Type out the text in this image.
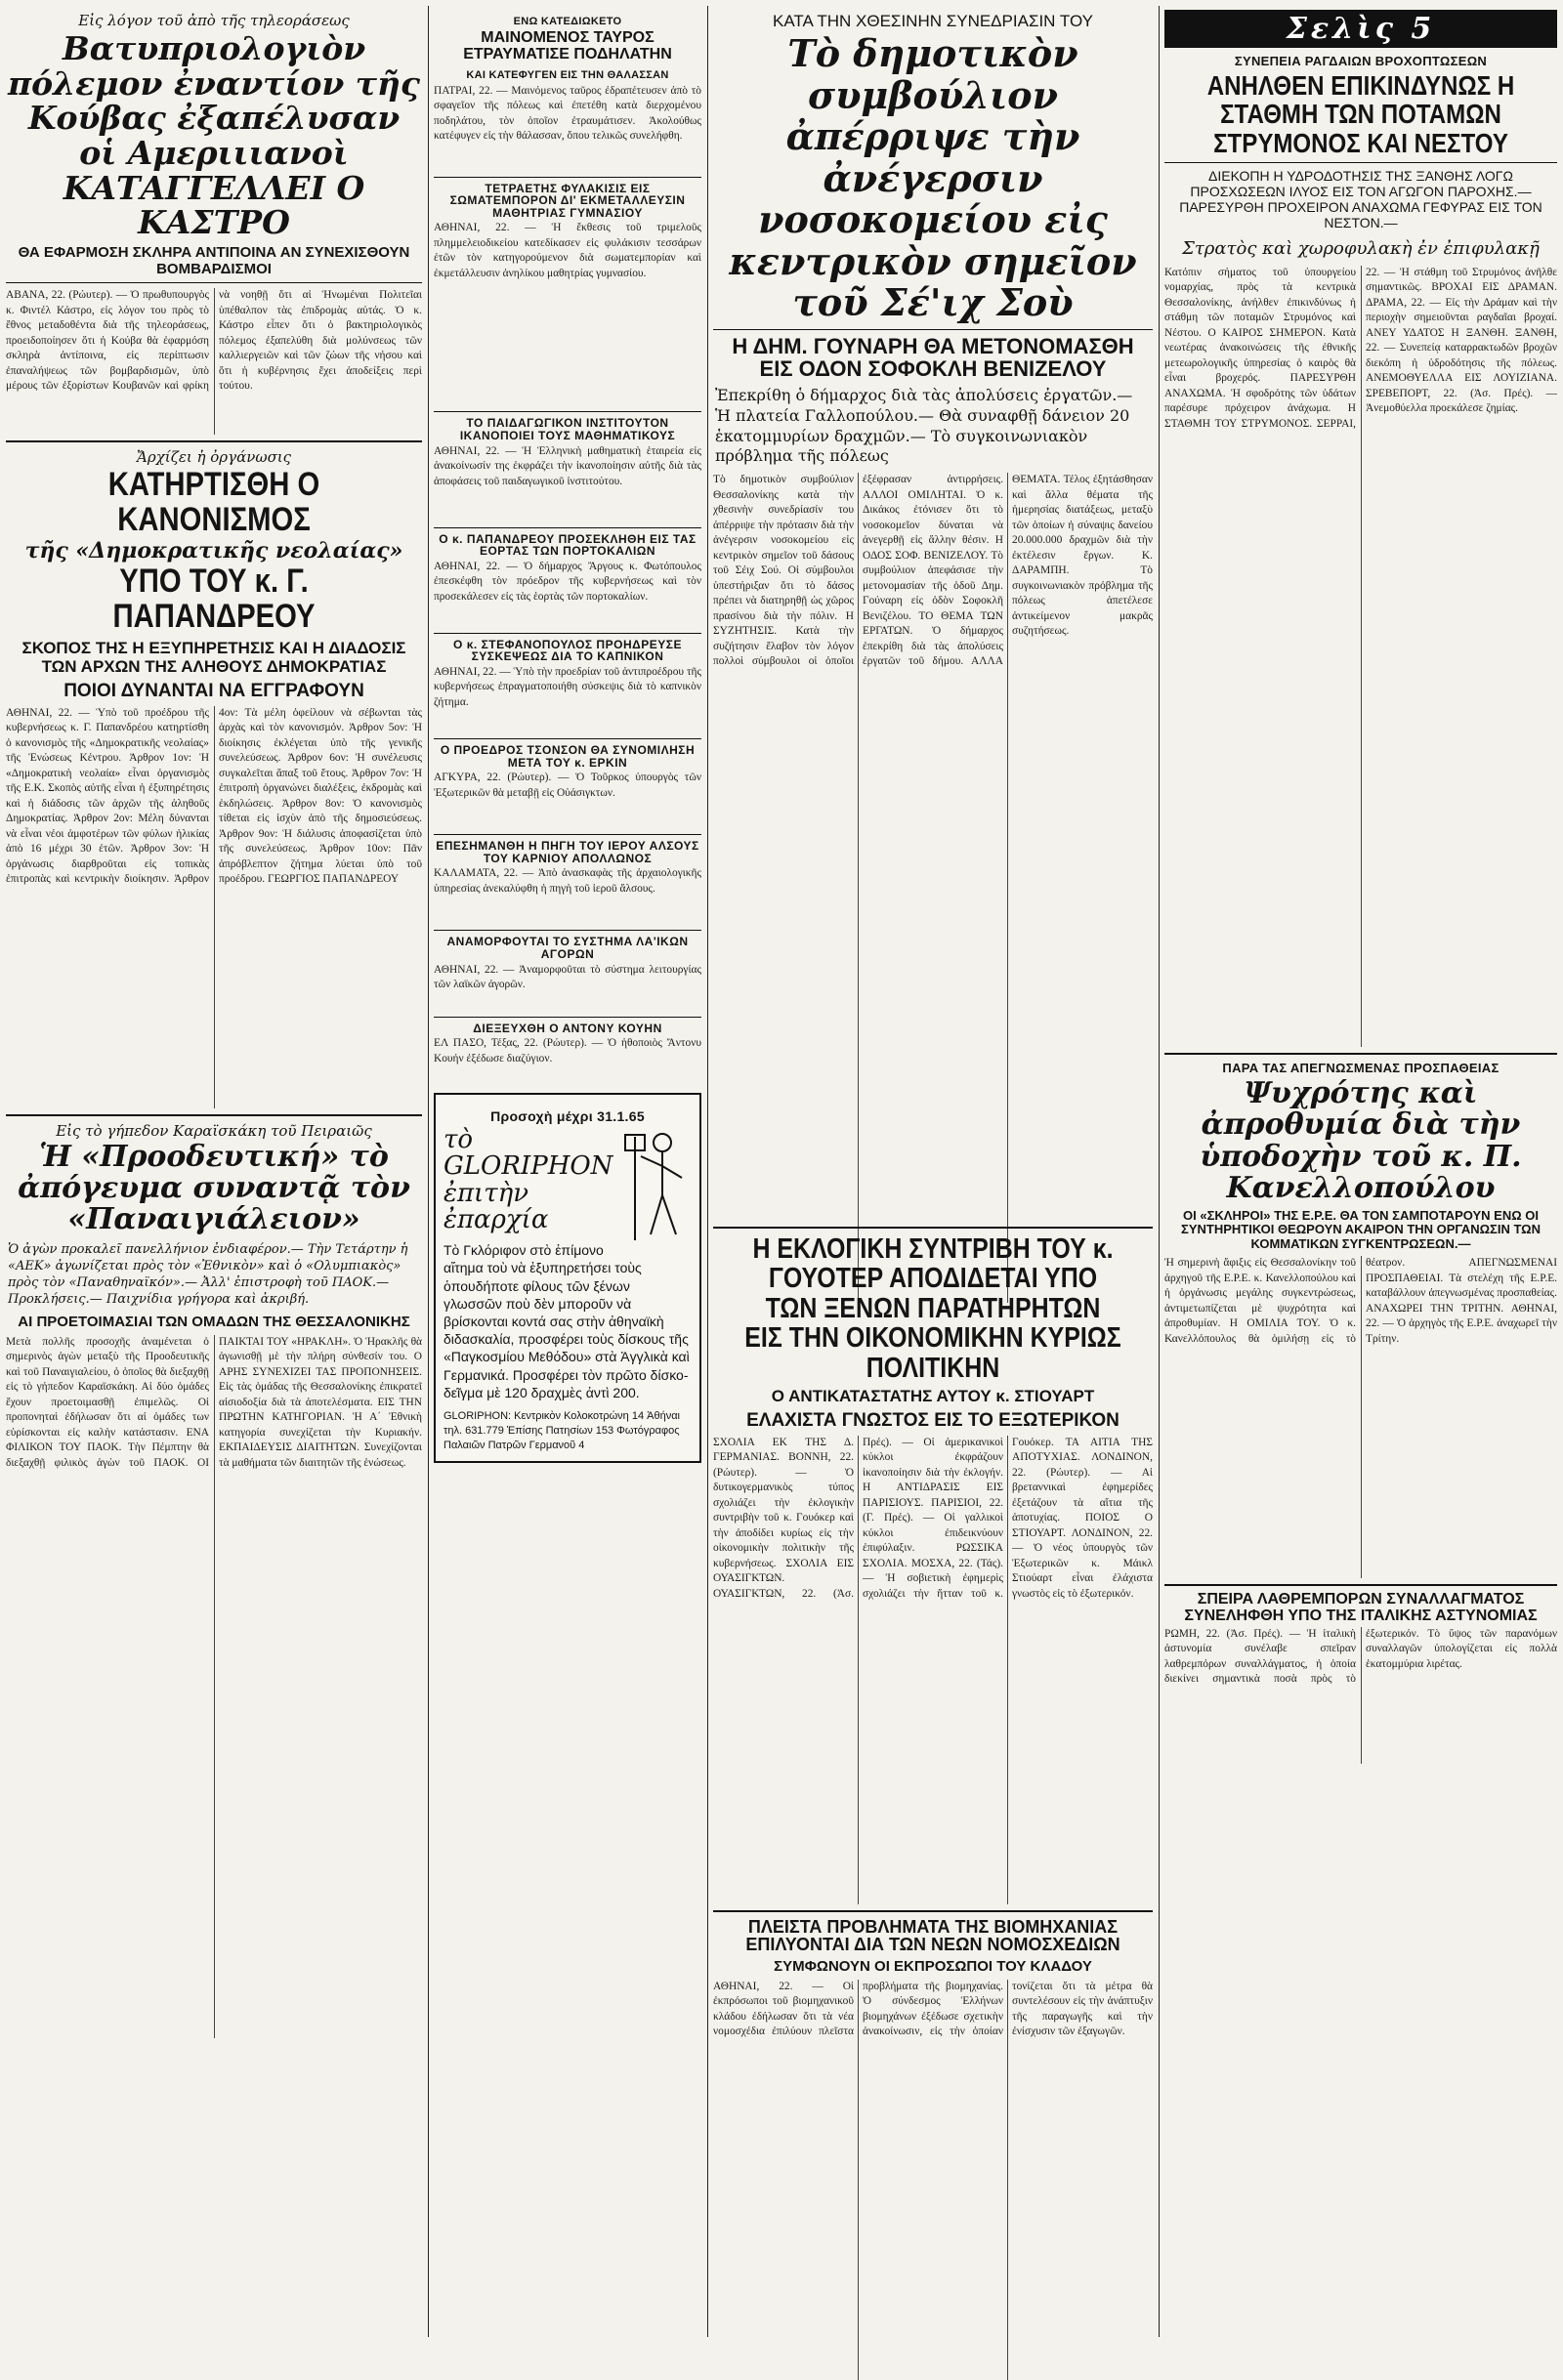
Εἰς λόγον τοῦ ἀπὸ τῆς τηλεοράσεως
Βατυπριολογιὸν πόλεμον ἐναντίον τῆς Κούβας ἐξαπέλυσαν οἱ Αμεριιιανοὶ ΚΑΤΑΓΓΕΛΛΕΙ Ο ΚΑΣΤΡΟ
ΘΑ ΕΦΑΡΜΟΣΗ ΣΚΛΗΡΑ ΑΝΤΙΠΟΙΝΑ ΑΝ ΣΥΝΕΧΙΣΘΟΥΝ ΒΟΜΒΑΡΔΙΣΜΟΙ

ΑΒΑΝΑ, 22. (Ρώυτερ). — Ὁ πρωθυπουργὸς κ. Φιντέλ Κάστρο, εἰς λόγον του πρὸς τὸ ἔθνος μεταδοθέντα διὰ τῆς τηλεοράσεως, προειδοποίησεν ὅτι ἡ Κούβα θὰ ἐφαρμόση σκληρὰ ἀντίποινα, εἰς περίπτωσιν ἐπαναλήψεως τῶν βομβαρδισμῶν, ὑπὸ μέρους τῶν ἐξορίστων Κουβανῶν καὶ φρίκη νὰ νοηθῇ ὅτι αἱ Ἡνωμέναι Πολιτεῖαι ὑπέθαλπον τὰς ἐπιδρομὰς αὐτάς. Ὁ κ. Κάστρο εἶπεν ὅτι ὁ βακτηριολογικὸς πόλεμος ἐξαπελύθη διὰ μολύνσεως τῶν καλλιεργειῶν καὶ τῶν ζώων τῆς νήσου καὶ ὅτι ἡ κυβέρνησις ἔχει ἀποδείξεις περὶ τούτου.

Ἄρχίζει ἡ ὀργάνωσις
ΚΑΤΗΡΤΙΣΘΗ Ο ΚΑΝΟΝΙΣΜΟΣ
τῆς «Δημοκρατικῆς νεολαίας»
ΥΠΟ ΤΟΥ κ. Γ. ΠΑΠΑΝΔΡΕΟΥ
ΣΚΟΠΟΣ ΤΗΣ Η ΕΞΥΠΗΡΕΤΗΣΙΣ ΚΑΙ Η ΔΙΑΔΟΣΙΣ ΤΩΝ ΑΡΧΩΝ ΤΗΣ ΑΛΗΘΟΥΣ ΔΗΜΟΚΡΑΤΙΑΣ
ΠΟΙΟΙ ΔΥΝΑΝΤΑΙ ΝΑ ΕΓΓΡΑΦΟΥΝ

ΑΘΗΝΑΙ, 22. — Ὑπὸ τοῦ προέδρου τῆς κυβερνήσεως κ. Γ. Παπανδρέου κατηρτίσθη ὁ κανονισμὸς τῆς «Δημοκρατικῆς νεολαίας» τῆς Ἑνώσεως Κέντρου. Ἀρθρον 1ον: Ἡ «Δημοκρατικὴ νεολαία» εἶναι ὀργανισμὸς τῆς Ε.Κ. Σκοπὸς αὐτῆς εἶναι ἡ ἐξυπηρέτησις καὶ ἡ διάδοσις τῶν ἀρχῶν τῆς ἀληθοῦς Δημοκρατίας. Ἀρθρον 2ον: Μέλη δύνανται νὰ εἶναι νέοι ἀμφοτέρων τῶν φύλων ἡλικίας ἀπὸ 16 μέχρι 30 ἐτῶν. Ἀρθρον 3ον: Ἡ ὀργάνωσις διαρθροῦται εἰς τοπικὰς ἐπιτροπὰς καὶ κεντρικὴν διοίκησιν. Ἀρθρον 4ον: Τὰ μέλη ὀφείλουν νὰ σέβωνται τὰς ἀρχὰς καὶ τὸν κανονισμόν. Ἀρθρον 5ον: Ἡ διοίκησις ἐκλέγεται ὑπὸ τῆς γενικῆς συνελεύσεως. Ἀρθρον 6ον: Ἡ συνέλευσις συγκαλεῖται ἅπαξ τοῦ ἔτους. Ἀρθρον 7ον: Ἡ ἐπιτροπὴ ὀργανώνει διαλέξεις, ἐκδρομὰς καὶ ἐκδηλώσεις. Ἀρθρον 8ον: Ὁ κανονισμὸς τίθεται εἰς ἰσχὺν ἀπὸ τῆς δημοσιεύσεως. Ἀρθρον 9ον: Ἡ διάλυσις ἀποφασίζεται ὑπὸ τῆς συνελεύσεως. Ἀρθρον 10ον: Πᾶν ἀπρόβλεπτον ζήτημα λύεται ὑπὸ τοῦ προέδρου. ΓΕΩΡΓΙΟΣ ΠΑΠΑΝΔΡΕΟΥ

Εἰς τὸ γήπεδον Καραϊσκάκη τοῦ Πειραιῶς
Ἡ «Προοδευτική» τὸ ἀπόγευμα συναντᾷ τὸν «Παναιγιάλειον»
Ὁ ἀγὼν προκαλεῖ πανελλήνιον ἐνδιαφέρον.— Τὴν Τετάρτην ἡ «ΑΕΚ» ἀγωνίζεται πρὸς τὸν «Ἐθνικὸν» καὶ ὁ «Ολυμπιακὸς» πρὸς τὸν «Παναθηναϊκόν».— Ἀλλ' ἐπιστροφὴ τοῦ ΠΑΟΚ.— Προκλήσεις.— Παιχνίδια γρήγορα καὶ ἀκριβή.
ΑΙ ΠΡΟΕΤΟΙΜΑΣΙΑΙ ΤΩΝ ΟΜΑΔΩΝ ΤΗΣ ΘΕΣΣΑΛΟΝΙΚΗΣ

Μετὰ πολλῆς προσοχῆς ἀναμένεται ὁ σημερινὸς ἀγὼν μεταξὺ τῆς Προοδευτικῆς καὶ τοῦ Παναιγιαλείου, ὁ ὁποῖος θὰ διεξαχθῇ εἰς τὸ γήπεδον Καραϊσκάκη. Αἱ δύο ὁμάδες ἔχουν προετοιμασθῇ ἐπιμελῶς. Οἱ προπονηταὶ ἐδήλωσαν ὅτι αἱ ὁμάδες των εὑρίσκονται εἰς καλὴν κατάστασιν. ΕΝΑ ΦΙΛΙΚΟΝ ΤΟΥ ΠΑΟΚ. Τὴν Πέμπτην θὰ διεξαχθῇ φιλικὸς ἀγὼν τοῦ ΠΑΟΚ. ΟΙ ΠΑΙΚΤΑΙ ΤΟΥ «ΗΡΑΚΛΗ». Ὁ Ἡρακλῆς θὰ ἀγωνισθῇ μὲ τὴν πλήρη σύνθεσίν του. Ο ΑΡΗΣ ΣΥΝΕΧΙΖΕΙ ΤΑΣ ΠΡΟΠΟΝΗΣΕΙΣ. Εἰς τὰς ὁμάδας τῆς Θεσσαλονίκης ἐπικρατεῖ αἰσιοδοξία διὰ τὰ ἀποτελέσματα. ΕΙΣ ΤΗΝ ΠΡΩΤΗΝ ΚΑΤΗΓΟΡΙΑΝ. Ἡ Α΄ Ἐθνικὴ κατηγορία συνεχίζεται τὴν Κυριακήν. ΕΚΠΑΙΔΕΥΣΙΣ ΔΙΑΙΤΗΤΩΝ. Συνεχίζονται τὰ μαθήματα τῶν διαιτητῶν τῆς ἑνώσεως.

ΕΝΩ ΚΑΤΕΔΙΩΚΕΤΟ
ΜΑΙΝΟΜΕΝΟΣ ΤΑΥΡΟΣ ΕΤΡΑΥΜΑΤΙΣΕ ΠΟΔΗΛΑΤΗΝ
ΚΑΙ ΚΑΤΕΦΥΓΕΝ ΕΙΣ ΤΗΝ ΘΑΛΑΣΣΑΝ

ΠΑΤΡΑΙ, 22. — Μαινόμενος ταῦρος ἐδραπέτευσεν ἀπὸ τὸ σφαγεῖον τῆς πόλεως καὶ ἐπετέθη κατὰ διερχομένου ποδηλάτου, τὸν ὁποῖον ἐτραυμάτισεν. Ἀκολούθως κατέφυγεν εἰς τὴν θάλασσαν, ὅπου τελικῶς συνελήφθη.

ΤΕΤΡΑΕΤΗΣ ΦΥΛΑΚΙΣΙΣ ΕΙΣ ΣΩΜΑΤΕΜΠΟΡΟΝ ΔΙ' ΕΚΜΕΤΑΛΛΕΥΣΙΝ ΜΑΘΗΤΡΙΑΣ ΓΥΜΝΑΣΙΟΥ

ΑΘΗΝΑΙ, 22. — Ἡ ἔκθεσις τοῦ τριμελοῦς πλημμελειοδικείου κατεδίκασεν εἰς φυλάκισιν τεσσάρων ἐτῶν τὸν κατηγορούμενον διὰ σωματεμπορίαν καὶ ἐκμετάλλευσιν ἀνηλίκου μαθητρίας γυμνασίου.

ΤΟ ΠΑΙΔΑΓΩΓΙΚΟΝ ΙΝΣΤΙΤΟΥΤΟΝ ΙΚΑΝΟΠΟΙΕΙ ΤΟΥΣ ΜΑΘΗΜΑΤΙΚΟΥΣ

ΑΘΗΝΑΙ, 22. — Ἡ Ἑλληνικὴ μαθηματικὴ ἑταιρεία εἰς ἀνακοίνωσίν της ἐκφράζει τὴν ἱκανοποίησιν αὐτῆς διὰ τὰς ἀποφάσεις τοῦ παιδαγωγικοῦ ἰνστιτούτου.

Ο κ. ΠΑΠΑΝΔΡΕΟΥ ΠΡΟΣΕΚΛΗΘΗ ΕΙΣ ΤΑΣ ΕΟΡΤΑΣ ΤΩΝ ΠΟΡΤΟΚΑΛΙΩΝ

ΑΘΗΝΑΙ, 22. — Ὁ δήμαρχος Ἄργους κ. Φωτόπουλος ἐπεσκέφθη τὸν πρόεδρον τῆς κυβερνήσεως καὶ τὸν προσεκάλεσεν εἰς τὰς ἑορτὰς τῶν πορτοκαλίων.

Ο κ. ΣΤΕΦΑΝΟΠΟΥΛΟΣ ΠΡΟΗΔΡΕΥΣΕ ΣΥΣΚΕΨΕΩΣ ΔΙΑ ΤΟ ΚΑΠΝΙΚΟΝ

ΑΘΗΝΑΙ, 22. — Ὑπὸ τὴν προεδρίαν τοῦ ἀντιπροέδρου τῆς κυβερνήσεως ἐπραγματοποιήθη σύσκεψις διὰ τὸ καπνικὸν ζήτημα.

Ο ΠΡΟΕΔΡΟΣ ΤΣΟΝΣΟΝ ΘΑ ΣΥΝΟΜΙΛΗΣΗ ΜΕΤΑ ΤΟΥ κ. ΕΡΚΙΝ

ΑΓΚΥΡΑ, 22. (Ρώυτερ). — Ὁ Τοῦρκος ὑπουργὸς τῶν Ἐξωτερικῶν θὰ μεταβῇ εἰς Οὐάσιγκτων.

ΕΠΕΣΗΜΑΝΘΗ Η ΠΗΓΗ ΤΟΥ ΙΕΡΟΥ ΑΛΣΟΥΣ ΤΟΥ ΚΑΡΝΙΟΥ ΑΠΟΛΛΩΝΟΣ

ΚΑΛΑΜΑΤΑ, 22. — Ἀπὸ ἀνασκαφὰς τῆς ἀρχαιολογικῆς ὑπηρεσίας ἀνεκαλύφθη ἡ πηγὴ τοῦ ἱεροῦ ἄλσους.

ΑΝΑΜΟΡΦΟΥΤΑΙ ΤΟ ΣΥΣΤΗΜΑ ΛΑ'ΙΚΩΝ ΑΓΟΡΩΝ

ΑΘΗΝΑΙ, 22. — Ἀναμορφοῦται τὸ σύστημα λειτουργίας τῶν λαϊκῶν ἀγορῶν.

ΔΙΕΞΕΥΧΘΗ Ο ΑΝΤΟΝΥ ΚΟΥΗΝ

ΕΛ ΠΑΣΟ, Τέξας, 22. (Ρώυτερ). — Ὁ ἠθοποιὸς Ἄντονυ Κουήν ἐξέδωσε διαζύγιον.

Προσοχὴ μέχρι 31.1.65
τὸ GLORIPHON ἐπιτὴν ἐπαρχία
Τὸ Γκλόριφον στὸ ἐπίμονο αἴτημα τοὺ νὰ ἐξυπηρετήσει τοὺς ὁπουδήποτε φίλους τῶν ξένων γλωσσῶν ποὺ δὲν μποροῦν νὰ βρίσκονται κοντά σας στὴν ἀθηναϊκὴ διδασκαλία, προσφέρει τοὺς δίσκους τῆς «Παγκοσμίου Μεθόδου» στὰ Ἀγγλικὰ καὶ Γερμανικά. Προσφέρει τὸν πρῶτο δίσκο-δεῖγμα μὲ 120 δραχμὲς ἀντὶ 200.
GLORIPHON: Κεντρικὸν Κολοκοτρώνη 14 Ἀθήναι τηλ. 631.779 Ἐπίσης Πατησίων 153 Φωτόγραφος Παλαιῶν Πατρῶν Γερμανοῦ 4
ΚΑΤΑ ΤΗΝ ΧΘΕΣΙΝΗΝ ΣΥΝΕΔΡΙΑΣΙΝ ΤΟΥ
Τὸ δημοτικὸν συμβούλιον ἀπέρριψε τὴν ἀνέγερσιν νοσοκομείου εἰς κεντρικὸν σημεῖον τοῦ Σέ'ιχ Σοὺ
Η ΔΗΜ. ΓΟΥΝΑΡΗ ΘΑ ΜΕΤΟΝΟΜΑΣΘΗ ΕΙΣ ΟΔΟΝ ΣΟΦΟΚΛΗ ΒΕΝΙΖΕΛΟΥ
Ἐπεκρίθη ὁ δήμαρχος διὰ τὰς ἀπολύσεις ἐργατῶν.— Ἡ πλατεία Γαλλοπούλου.— Θὰ συναφθῇ δάνειον 20 ἑκατομμυρίων δραχμῶν.— Τὸ συγκοινωνιακὸν πρόβλημα τῆς πόλεως

Τὸ δημοτικὸν συμβούλιον Θεσσαλονίκης κατὰ τὴν χθεσινὴν συνεδρίασίν του ἀπέρριψε τὴν πρότασιν διὰ τὴν ἀνέγερσιν νοσοκομείου εἰς κεντρικὸν σημεῖον τοῦ δάσους τοῦ Σέιχ Σού. Οἱ σύμβουλοι ὑπεστήριξαν ὅτι τὸ δάσος πρέπει νὰ διατηρηθῇ ὡς χῶρος πρασίνου διὰ τὴν πόλιν. Η ΣΥΖΗΤΗΣΙΣ. Κατὰ τὴν συζήτησιν ἔλαβον τὸν λόγον πολλοὶ σύμβουλοι οἱ ὁποῖοι ἐξέφρασαν ἀντιρρήσεις. ΑΛΛΟΙ ΟΜΙΛΗΤΑΙ. Ὁ κ. Δικάκος ἐτόνισεν ὅτι τὸ νοσοκομεῖον δύναται νὰ ἀνεγερθῇ εἰς ἄλλην θέσιν. Η ΟΔΟΣ ΣΟΦ. ΒΕΝΙΖΕΛΟΥ. Τὸ συμβούλιον ἀπεφάσισε τὴν μετονομασίαν τῆς ὁδοῦ Δημ. Γούναρη εἰς ὁδὸν Σοφοκλῆ Βενιζέλου. ΤΟ ΘΕΜΑ ΤΩΝ ΕΡΓΑΤΩΝ. Ὁ δήμαρχος ἐπεκρίθη διὰ τὰς ἀπολύσεις ἐργατῶν τοῦ δήμου. ΑΛΛΑ ΘΕΜΑΤΑ. Τέλος ἐξητάσθησαν καὶ ἄλλα θέματα τῆς ἡμερησίας διατάξεως, μεταξὺ τῶν ὁποίων ἡ σύναψις δανείου 20.000.000 δραχμῶν διὰ τὴν ἐκτέλεσιν ἔργων. Κ. ΔΑΡΑΜΠΗ. Τὸ συγκοινωνιακὸν πρόβλημα τῆς πόλεως ἀπετέλεσε ἀντικείμενον μακρᾶς συζητήσεως.

Η ΕΚΛΟΓΙΚΗ ΣΥΝΤΡΙΒΗ ΤΟΥ κ. ΓΟΥΟΤΕΡ ΑΠΟΔΙΔΕΤΑΙ ΥΠΟ ΤΩΝ ΞΕΝΩΝ ΠΑΡΑΤΗΡΗΤΩΝ ΕΙΣ ΤΗΝ ΟΙΚΟΝΟΜΙΚΗΝ ΚΥΡΙΩΣ ΠΟΛΙΤΙΚΗΝ
Ο ΑΝΤΙΚΑΤΑΣΤΑΤΗΣ ΑΥΤΟΥ κ. ΣΤΙΟΥΑΡΤ
ΕΛΑΧΙΣΤΑ ΓΝΩΣΤΟΣ ΕΙΣ ΤΟ ΕΞΩΤΕΡΙΚΟΝ

ΣΧΟΛΙΑ ΕΚ ΤΗΣ Δ. ΓΕΡΜΑΝΙΑΣ. ΒΟΝΝΗ, 22. (Ρώυτερ). — Ὁ δυτικογερμανικὸς τύπος σχολιάζει τὴν ἐκλογικὴν συντριβὴν τοῦ κ. Γουόκερ καὶ τὴν ἀποδίδει κυρίως εἰς τὴν οἰκονομικὴν πολιτικὴν τῆς κυβερνήσεως. ΣΧΟΛΙΑ ΕΙΣ ΟΥΑΣΙΓΚΤΩΝ. ΟΥΑΣΙΓΚΤΩΝ, 22. (Ἀσ. Πρές). — Οἱ ἀμερικανικοὶ κύκλοι ἐκφράζουν ἱκανοποίησιν διὰ τὴν ἐκλογήν. Η ΑΝΤΙΔΡΑΣΙΣ ΕΙΣ ΠΑΡΙΣΙΟΥΣ. ΠΑΡΙΣΙΟΙ, 22. (Γ. Πρές). — Οἱ γαλλικοὶ κύκλοι ἐπιδεικνύουν ἐπιφύλαξιν. ΡΩΣΣΙΚΑ ΣΧΟΛΙΑ. ΜΟΣΧΑ, 22. (Τάς). — Ἡ σοβιετικὴ ἐφημερὶς σχολιάζει τὴν ἥτταν τοῦ κ. Γουόκερ. ΤΑ ΑΙΤΙΑ ΤΗΣ ΑΠΟΤΥΧΙΑΣ. ΛΟΝΔΙΝΟΝ, 22. (Ρώυτερ). — Αἱ βρεταννικαὶ ἐφημερίδες ἐξετάζουν τὰ αἴτια τῆς ἀποτυχίας. ΠΟΙΟΣ Ο ΣΤΙΟΥΑΡΤ. ΛΟΝΔΙΝΟΝ, 22. — Ὁ νέος ὑπουργὸς τῶν Ἐξωτερικῶν κ. Μάικλ Στιούαρτ εἶναι ἐλάχιστα γνωστὸς εἰς τὸ ἐξωτερικόν.

ΠΛΕΙΣΤΑ ΠΡΟΒΛΗΜΑΤΑ ΤΗΣ ΒΙΟΜΗΧΑΝΙΑΣ ΕΠΙΛΥΟΝΤΑΙ ΔΙΑ ΤΩΝ ΝΕΩΝ ΝΟΜΟΣΧΕΔΙΩΝ
ΣΥΜΦΩΝΟΥΝ ΟΙ ΕΚΠΡΟΣΩΠΟΙ ΤΟΥ ΚΛΑΔΟΥ

ΑΘΗΝΑΙ, 22. — Οἱ ἐκπρόσωποι τοῦ βιομηχανικοῦ κλάδου ἐδήλωσαν ὅτι τὰ νέα νομοσχέδια ἐπιλύουν πλεῖστα προβλήματα τῆς βιομηχανίας. Ὁ σύνδεσμος Ἑλλήνων βιομηχάνων ἐξέδωσε σχετικὴν ἀνακοίνωσιν, εἰς τὴν ὁποίαν τονίζεται ὅτι τὰ μέτρα θὰ συντελέσουν εἰς τὴν ἀνάπτυξιν τῆς παραγωγῆς καὶ τὴν ἐνίσχυσιν τῶν ἐξαγωγῶν.

Σελὶς 5
ΣΥΝΕΠΕΙΑ ΡΑΓΔΑΙΩΝ ΒΡΟΧΟΠΤΩΣΕΩΝ
ΑΝΗΛΘΕΝ ΕΠΙΚΙΝΔΥΝΩΣ Η ΣΤΑΘΜΗ ΤΩΝ ΠΟΤΑΜΩΝ ΣΤΡΥΜΟΝΟΣ ΚΑΙ ΝΕΣΤΟΥ
ΔΙΕΚΟΠΗ Η ΥΔΡΟΔΟΤΗΣΙΣ ΤΗΣ ΞΑΝΘΗΣ ΛΟΓΩ ΠΡΟΣΧΩΣΕΩΝ ΙΛΥΟΣ ΕΙΣ ΤΟΝ ΑΓΩΓΟΝ ΠΑΡΟΧΗΣ.— ΠΑΡΕΣΥΡΘΗ ΠΡΟΧΕΙΡΟΝ ΑΝΑΧΩΜΑ ΓΕΦΥΡΑΣ ΕΙΣ ΤΟΝ ΝΕΣΤΟΝ.—
Στρατὸς καὶ χωροφυλακὴ ἐν ἐπιφυλακῇ

Κατόπιν σήματος τοῦ ὑπουργείου νομαρχίας, πρὸς τὰ κεντρικὰ Θεσσαλονίκης, ἀνήλθεν ἐπικινδύνως ἡ στάθμη τῶν ποταμῶν Στρυμόνος καὶ Νέστου. Ο ΚΑΙΡΟΣ ΣΗΜΕΡΟΝ. Κατὰ νεωτέρας ἀνακοινώσεις τῆς ἐθνικῆς μετεωρολογικῆς ὑπηρεσίας ὁ καιρὸς θὰ εἶναι βροχερός. ΠΑΡΕΣΥΡΘΗ ΑΝΑΧΩΜΑ. Ἡ σφοδρότης τῶν ὑδάτων παρέσυρε πρόχειρον ἀνάχωμα. Η ΣΤΑΘΜΗ ΤΟΥ ΣΤΡΥΜΟΝΟΣ. ΣΕΡΡΑΙ, 22. — Ἡ στάθμη τοῦ Στρυμόνος ἀνῆλθε σημαντικῶς. ΒΡΟΧΑΙ ΕΙΣ ΔΡΑΜΑΝ. ΔΡΑΜΑ, 22. — Εἰς τὴν Δράμαν καὶ τὴν περιοχὴν σημειοῦνται ραγδαῖαι βροχαί. ΑΝΕΥ ΥΔΑΤΟΣ Η ΞΑΝΘΗ. ΞΑΝΘΗ, 22. — Συνεπείᾳ καταρρακτωδῶν βροχῶν διεκόπη ἡ ὑδροδότησις τῆς πόλεως. ΑΝΕΜΟΘΥΕΛΛΑ ΕΙΣ ΛΟΥΙΖΙΑΝΑ. ΣΡΕΒΕΠΟΡΤ, 22. (Ἀσ. Πρές). — Ἀνεμοθύελλα προεκάλεσε ζημίας.

ΠΑΡΑ ΤΑΣ ΑΠΕΓΝΩΣΜΕΝΑΣ ΠΡΟΣΠΑΘΕΙΑΣ
Ψυχρότης καὶ ἀπροθυμία διὰ τὴν ὑποδοχὴν τοῦ κ. Π. Κανελλοπούλου
ΟΙ «ΣΚΛΗΡΟΙ» ΤΗΣ Ε.Ρ.Ε. ΘΑ ΤΟΝ ΣΑΜΠΟΤΑΡΟΥΝ ΕΝΩ ΟΙ ΣΥΝΤΗΡΗΤΙΚΟΙ ΘΕΩΡΟΥΝ ΑΚΑΙΡΟΝ ΤΗΝ ΟΡΓΑΝΩΣΙΝ ΤΩΝ ΚΟΜΜΑΤΙΚΩΝ ΣΥΓΚΕΝΤΡΩΣΕΩΝ.—

Ἡ σημερινὴ ἄφιξις εἰς Θεσσαλονίκην τοῦ ἀρχηγοῦ τῆς Ε.Ρ.Ε. κ. Κανελλοπούλου καὶ ἡ ὀργάνωσις μεγάλης συγκεντρώσεως, ἀντιμετωπίζεται μὲ ψυχρότητα καὶ ἀπροθυμίαν. Η ΟΜΙΛΙΑ ΤΟΥ. Ὁ κ. Κανελλόπουλος θὰ ὁμιλήσῃ εἰς τὸ θέατρον. ΑΠΕΓΝΩΣΜΕΝΑΙ ΠΡΟΣΠΑΘΕΙΑΙ. Τὰ στελέχη τῆς Ε.Ρ.Ε. καταβάλλουν ἀπεγνωσμένας προσπαθείας. ΑΝΑΧΩΡΕΙ ΤΗΝ ΤΡΙΤΗΝ. ΑΘΗΝΑΙ, 22. — Ὁ ἀρχηγὸς τῆς Ε.Ρ.Ε. ἀναχωρεῖ τὴν Τρίτην.

ΣΠΕΙΡΑ ΛΑΘΡΕΜΠΟΡΩΝ ΣΥΝΑΛΛΑΓΜΑΤΟΣ ΣΥΝΕΛΗΦΘΗ ΥΠΟ ΤΗΣ ΙΤΑΛΙΚΗΣ ΑΣΤΥΝΟΜΙΑΣ

ΡΩΜΗ, 22. (Ἀσ. Πρές). — Ἡ ἰταλικὴ ἀστυνομία συνέλαβε σπεῖραν λαθρεμπόρων συναλλάγματος, ἡ ὁποία διεκίνει σημαντικὰ ποσὰ πρὸς τὸ ἐξωτερικόν. Τὸ ὕψος τῶν παρανόμων συναλλαγῶν ὑπολογίζεται εἰς πολλὰ ἑκατομμύρια λιρέτας.
